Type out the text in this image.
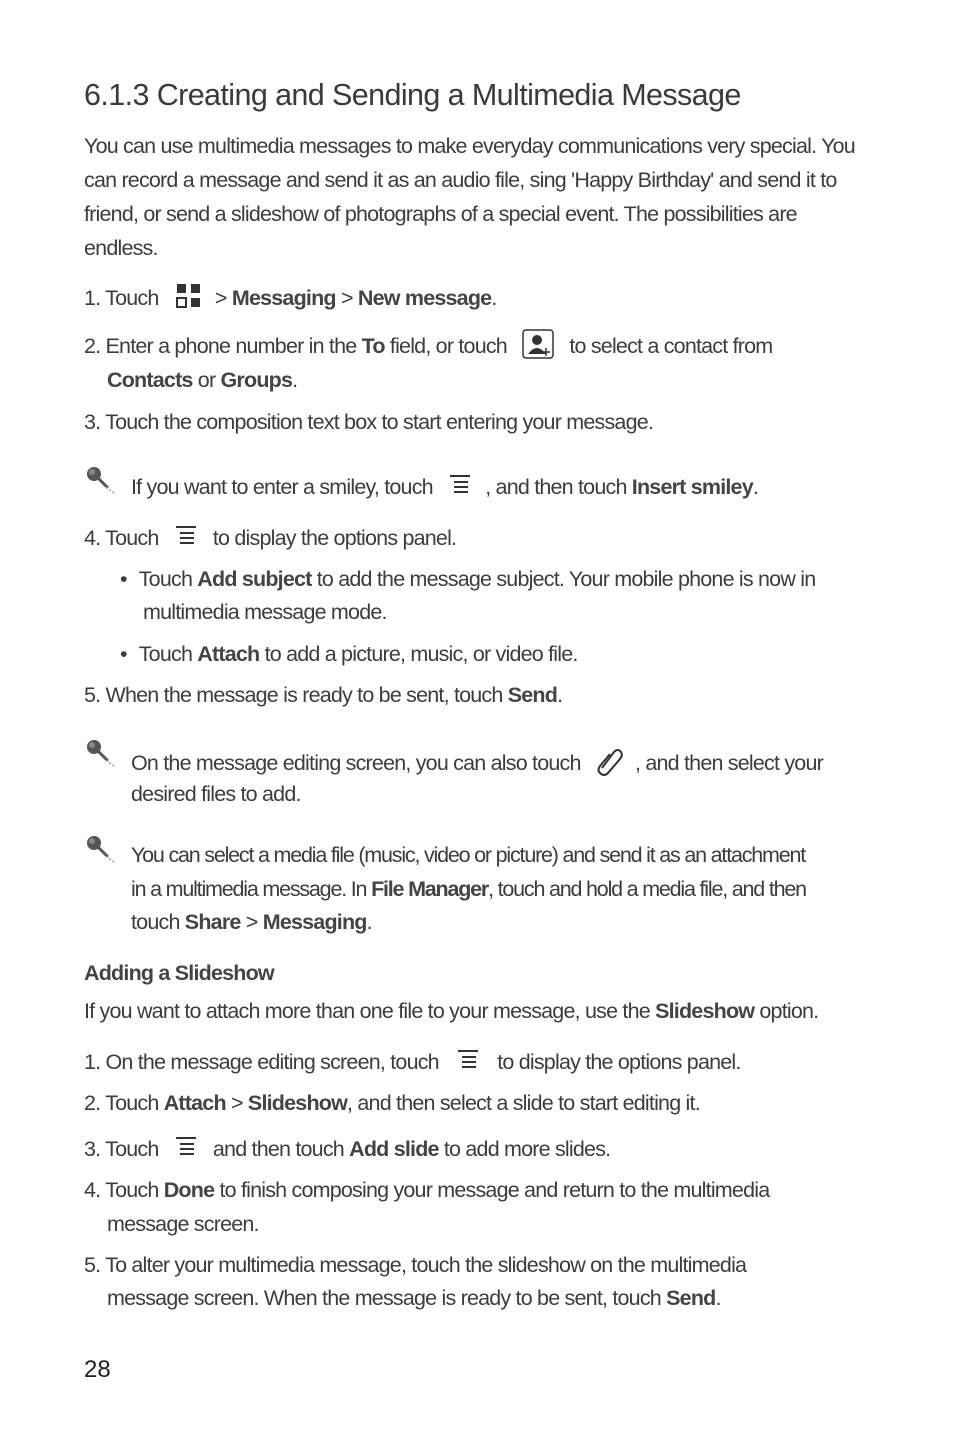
6.1.3 Creating and Sending a Multimedia Message
You can use multimedia messages to make everyday communications very special. You can record a message and send it as an audio file, sing 'Happy Birthday' and send it to friend, or send a slideshow of photographs of a special event. The possibilities are endless.
1. Touch	> Messaging > New message.
2. Enter a phone number in the To field, or touch	to select a contact from
Contacts or Groups.
3. Touch the composition text box to start entering your message.
If you want to enter a smiley, touch , and then touch Insert smiley.
4. Touch	to display the options panel.
• Touch Add subject to add the message subject. Your mobile phone is now in
multimedia message mode.
• Touch Attach to add a picture, music, or video file.
5. When the message is ready to be sent, touch Send.
On the message editing screen, you can also touch	, and then select your
desired files to add.
You can select a media file (music, video or picture) and send it as an attachment
in a multimedia message. In File Manager, touch and hold a media file, and then
touch Share > Messaging.
Adding a Slideshow
If you want to attach more than one file to your message, use the Slideshow option.
1. On the message editing screen, touch	to display the options panel.
2. Touch Attach > Slideshow, and then select a slide to start editing it.
3. Touch	and then touch Add slide to add more slides.
4. Touch Done to finish composing your message and return to the multimedia
message screen.
5. To alter your multimedia message, touch the slideshow on the multimedia
message screen. When the message is ready to be sent, touch Send.
28
